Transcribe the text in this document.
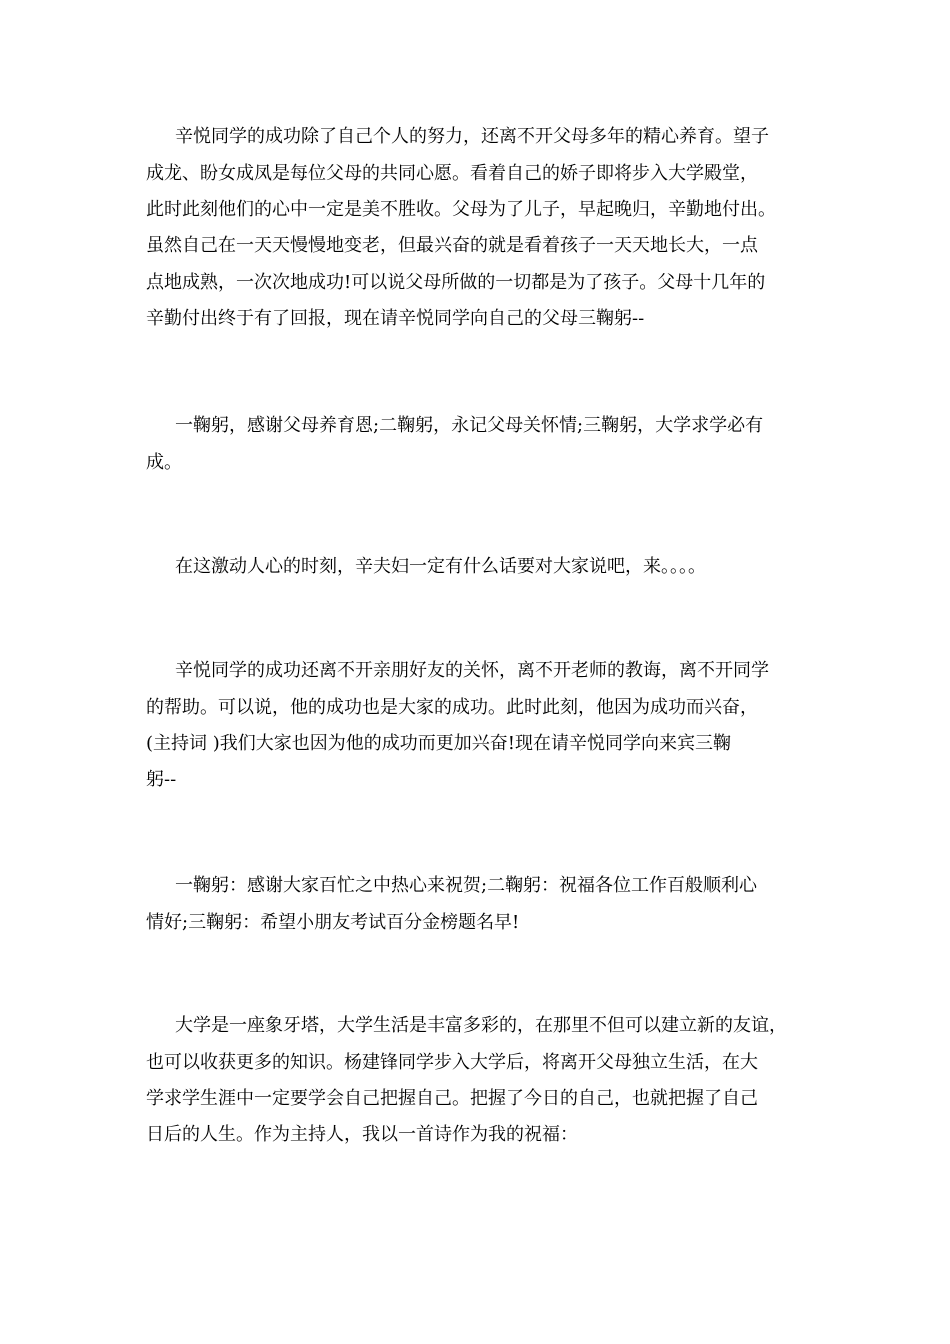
辛悦同学的成功除了自己个人的努力，还离不开父母多年的精心养育。望子

成龙、盼女成凤是每位父母的共同心愿。看着自己的娇子即将步入大学殿堂，

此时此刻他们的心中一定是美不胜收。父母为了儿子，早起晚归，辛勤地付出。

虽然自己在一天天慢慢地变老，但最兴奋的就是看着孩子一天天地长大，一点

点地成熟，一次次地成功!可以说父母所做的一切都是为了孩子。父母十几年的

辛勤付出终于有了回报，现在请辛悦同学向自己的父母三鞠躬--

一鞠躬，感谢父母养育恩;二鞠躬，永记父母关怀情;三鞠躬，大学求学必有

成。

在这激动人心的时刻，辛夫妇一定有什么话要对大家说吧，来。。。。

辛悦同学的成功还离不开亲朋好友的关怀，离不开老师的教诲，离不开同学

的帮助。可以说，他的成功也是大家的成功。此时此刻，他因为成功而兴奋，

(主持词 )我们大家也因为他的成功而更加兴奋!现在请辛悦同学向来宾三鞠

躬--

一鞠躬：感谢大家百忙之中热心来祝贺;二鞠躬：祝福各位工作百般顺利心

情好;三鞠躬：希望小朋友考试百分金榜题名早!

大学是一座象牙塔，大学生活是丰富多彩的，在那里不但可以建立新的友谊，

也可以收获更多的知识。杨建锋同学步入大学后，将离开父母独立生活，在大

学求学生涯中一定要学会自己把握自己。把握了今日的自己，也就把握了自己

日后的人生。作为主持人，我以一首诗作为我的祝福：
